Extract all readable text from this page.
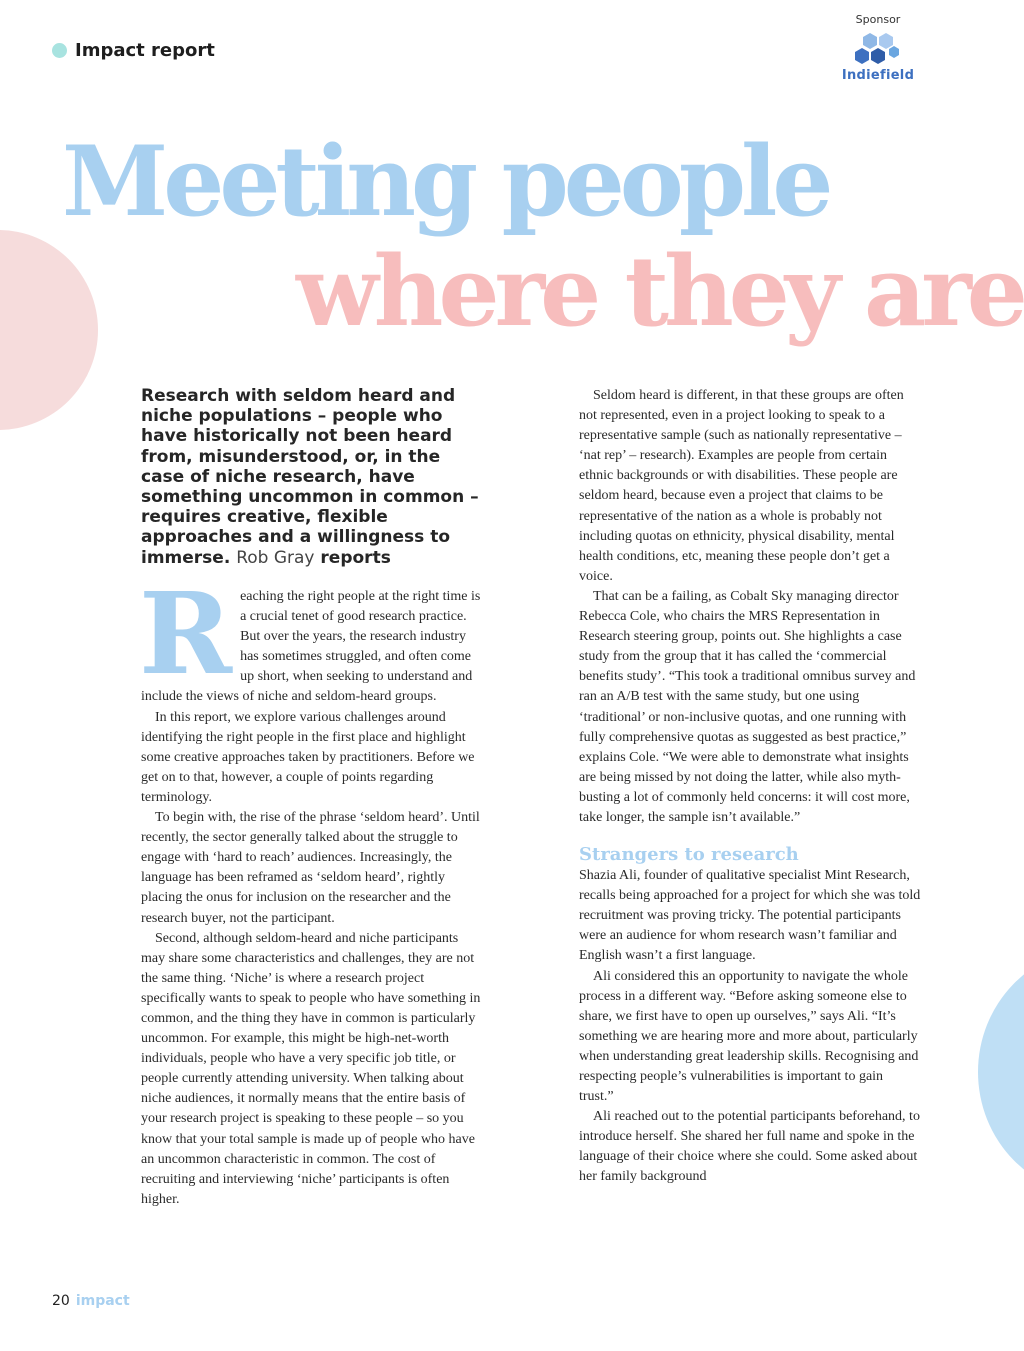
Impact report
Sponsor
Indiefield
Meeting people
where they are
Research with seldom heard and niche populations – people who have historically not been heard from, misunderstood, or, in the case of niche research, have something uncommon in common – requires creative, flexible approaches and a willingness to immerse. Rob Gray reports

R eaching the right people at the right time is a crucial tenet of good research practice. But over the years, the research industry has sometimes struggled, and often come up short, when seeking to understand and include the views of niche and seldom-heard groups.

In this report, we explore various challenges around identifying the right people in the first place and highlight some creative approaches taken by practitioners. Before we get on to that, however, a couple of points regarding terminology.

To begin with, the rise of the phrase ‘seldom heard’. Until recently, the sector generally talked about the struggle to engage with ‘hard to reach’ audiences. Increasingly, the language has been reframed as ‘seldom heard’, rightly placing the onus for inclusion on the researcher and the research buyer, not the participant.

Second, although seldom-heard and niche participants may share some characteristics and challenges, they are not the same thing. ‘Niche’ is where a research project specifically wants to speak to people who have something in common, and the thing they have in common is particularly uncommon. For example, this might be high-net-worth individuals, people who have a very specific job title, or people currently attending university. When talking about niche audiences, it normally means that the entire basis of your research project is speaking to these people – so you know that your total sample is made up of people who have an uncommon characteristic in common. The cost of recruiting and interviewing ‘niche’ participants is often higher.

Seldom heard is different, in that these groups are often not represented, even in a project looking to speak to a representative sample (such as nationally representative – ‘nat rep’ – research). Examples are people from certain ethnic backgrounds or with disabilities. These people are seldom heard, because even a project that claims to be representative of the nation as a whole is probably not including quotas on ethnicity, physical disability, mental health conditions, etc, meaning these people don’t get a voice.

That can be a failing, as Cobalt Sky managing director Rebecca Cole, who chairs the MRS Representation in Research steering group, points out. She highlights a case study from the group that it has called the ‘commercial benefits study’. “This took a traditional omnibus survey and ran an A/B test with the same study, but one using ‘traditional’ or non-inclusive quotas, and one running with fully comprehensive quotas as suggested as best practice,” explains Cole. “We were able to demonstrate what insights are being missed by not doing the latter, while also myth-busting a lot of commonly held concerns: it will cost more, take longer, the sample isn’t available.”

Strangers to research

Shazia Ali, founder of qualitative specialist Mint Research, recalls being approached for a project for which she was told recruitment was proving tricky. The potential participants were an audience for whom research wasn’t familiar and English wasn’t a first language.

Ali considered this an opportunity to navigate the whole process in a different way. “Before asking someone else to share, we first have to open up ourselves,” says Ali. “It’s something we are hearing more and more about, particularly when understanding great leadership skills. Recognising and respecting people’s vulnerabilities is important to gain trust.”

Ali reached out to the potential participants beforehand, to introduce herself. She shared her full name and spoke in the language of their choice where she could. Some asked about her family background

20 impact
